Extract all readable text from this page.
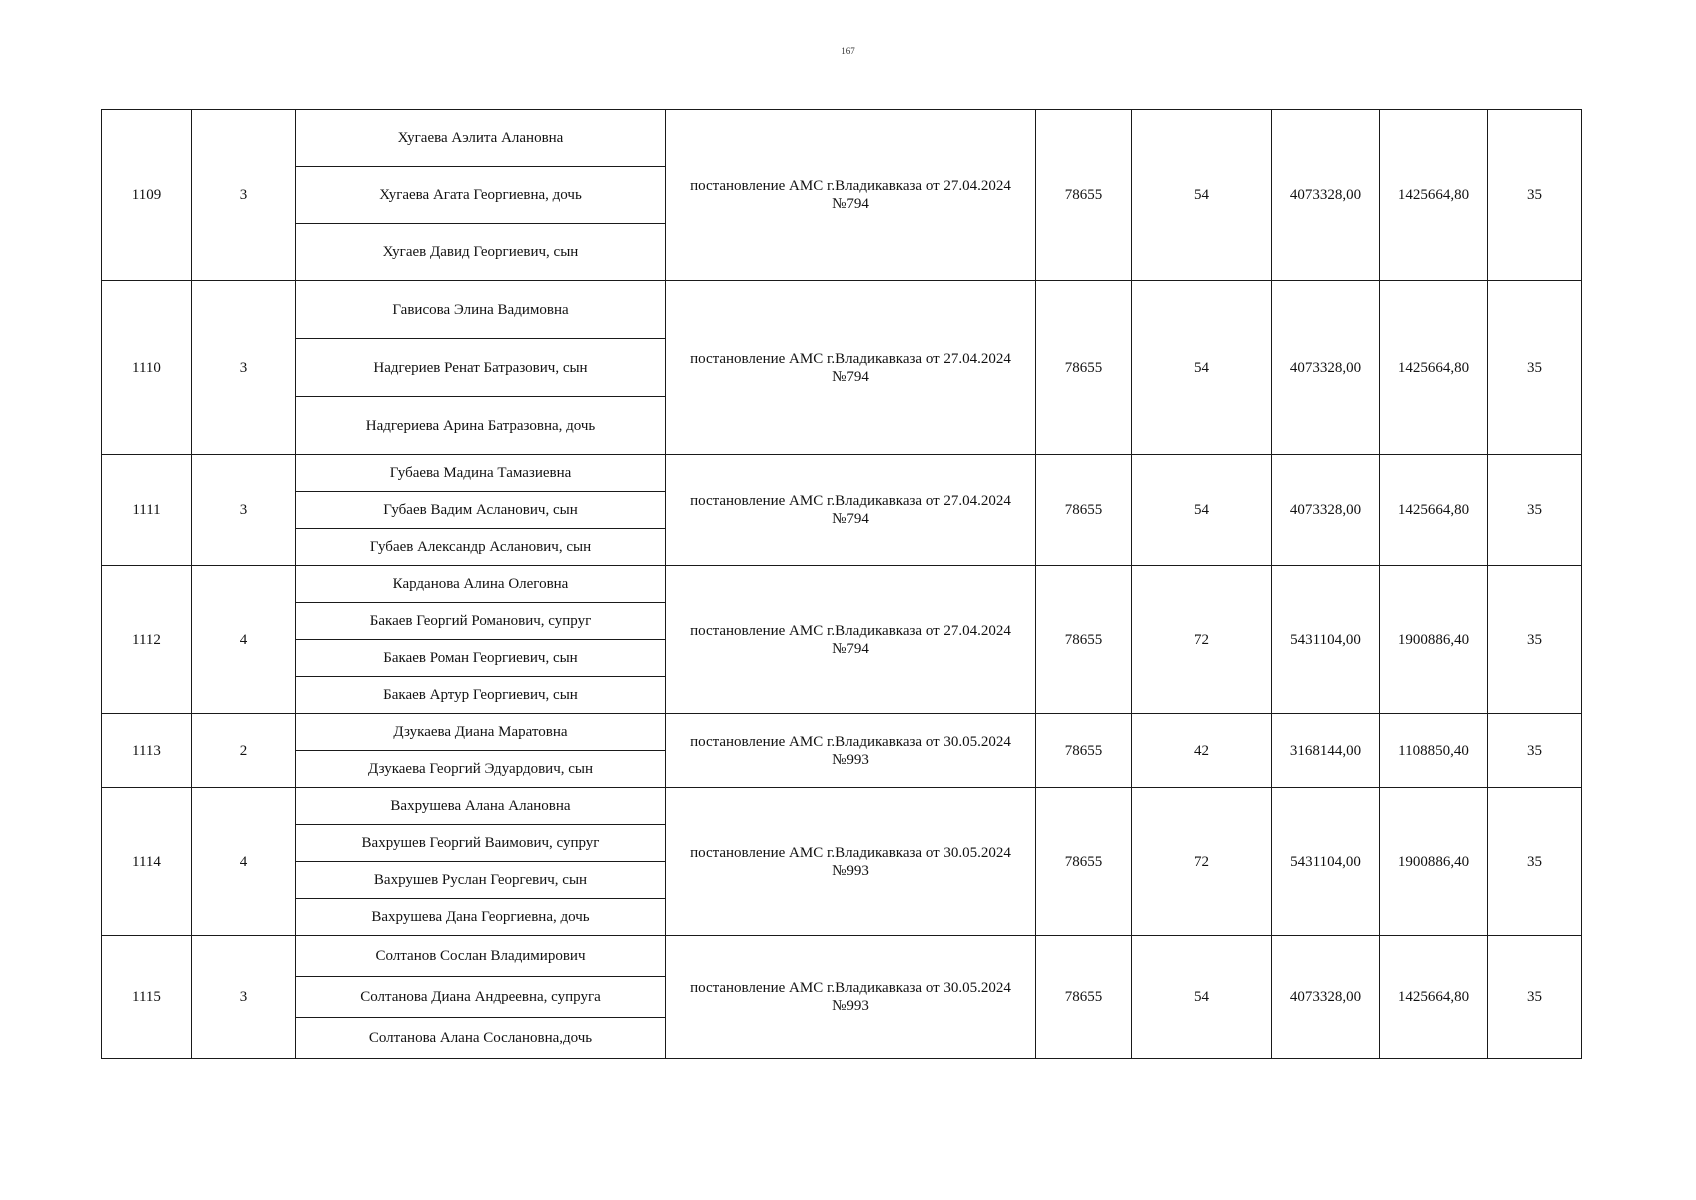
167
1109	3	Хугаева Аэлита Алановна	постановление АМС г.Владикавказа от 27.04.2024 №794	78655	54	4073328,00	1425664,80	35
		Хугаева Агата Георгиевна, дочь						
		Хугаев Давид Георгиевич, сын						
1110	3	Гависова Элина Вадимовна	постановление АМС г.Владикавказа от 27.04.2024 №794	78655	54	4073328,00	1425664,80	35
		Надгериев Ренат Батразович, сын						
		Надгериева Арина Батразовна, дочь						
1111	3	Губаева Мадина Тамазиевна	постановление АМС г.Владикавказа от 27.04.2024 №794	78655	54	4073328,00	1425664,80	35
		Губаев Вадим Асланович, сын						
		Губаев Александр Асланович, сын						
1112	4	Карданова Алина Олеговна	постановление АМС г.Владикавказа от 27.04.2024 №794	78655	72	5431104,00	1900886,40	35
		Бакаев Георгий Романович, супруг						
		Бакаев Роман Георгиевич, сын						
		Бакаев Артур Георгиевич, сын						
1113	2	Дзукаева Диана Маратовна	постановление АМС г.Владикавказа от 30.05.2024 №993	78655	42	3168144,00	1108850,40	35
		Дзукаева Георгий Эдуардович, сын						
1114	4	Вахрушева Алана Алановна	постановление АМС г.Владикавказа от 30.05.2024 №993	78655	72	5431104,00	1900886,40	35
		Вахрушев Георгий Ваимович, супруг						
		Вахрушев Руслан Георгевич, сын						
		Вахрушева Дана Георгиевна, дочь						
1115	3	Солтанов Сослан Владимирович	постановление АМС г.Владикавказа от 30.05.2024 №993	78655	54	4073328,00	1425664,80	35
		Солтанова Диана Андреевна, супруга						
		Солтанова Алана Сослановна,дочь						
